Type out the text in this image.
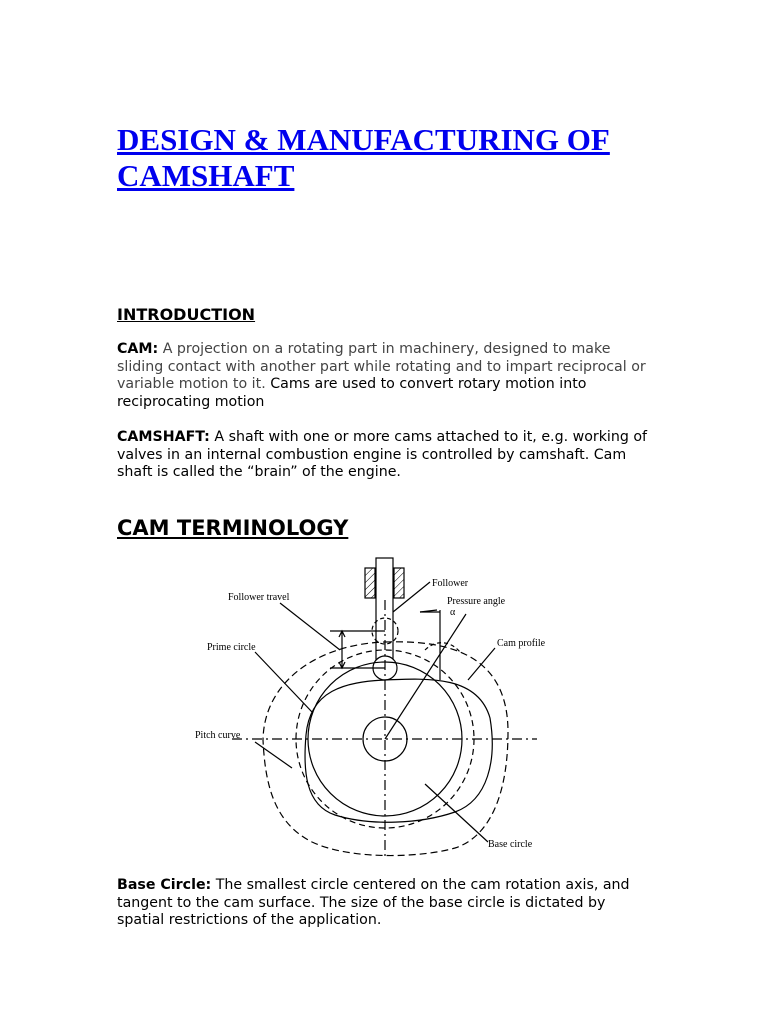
DESIGN & MANUFACTURING OF CAMSHAFT
INTRODUCTION

CAM: A projection on a rotating part in machinery, designed to make sliding contact with another part while rotating and to impart reciprocal or variable motion to it. Cams are used to convert rotary motion into reciprocating motion

CAMSHAFT: A shaft with one or more cams attached to it, e.g. working of valves in an internal combustion engine is controlled by camshaft. Cam shaft is called the “brain” of the engine.

CAM TERMINOLOGY
Follower
Follower travel	Pressure angle
α
Cam profile
Prime circle
Pitch curve
Base circle

Base Circle: The smallest circle centered on the cam rotation axis, and tangent to the cam surface. The size of the base circle is dictated by spatial restrictions of the application.
